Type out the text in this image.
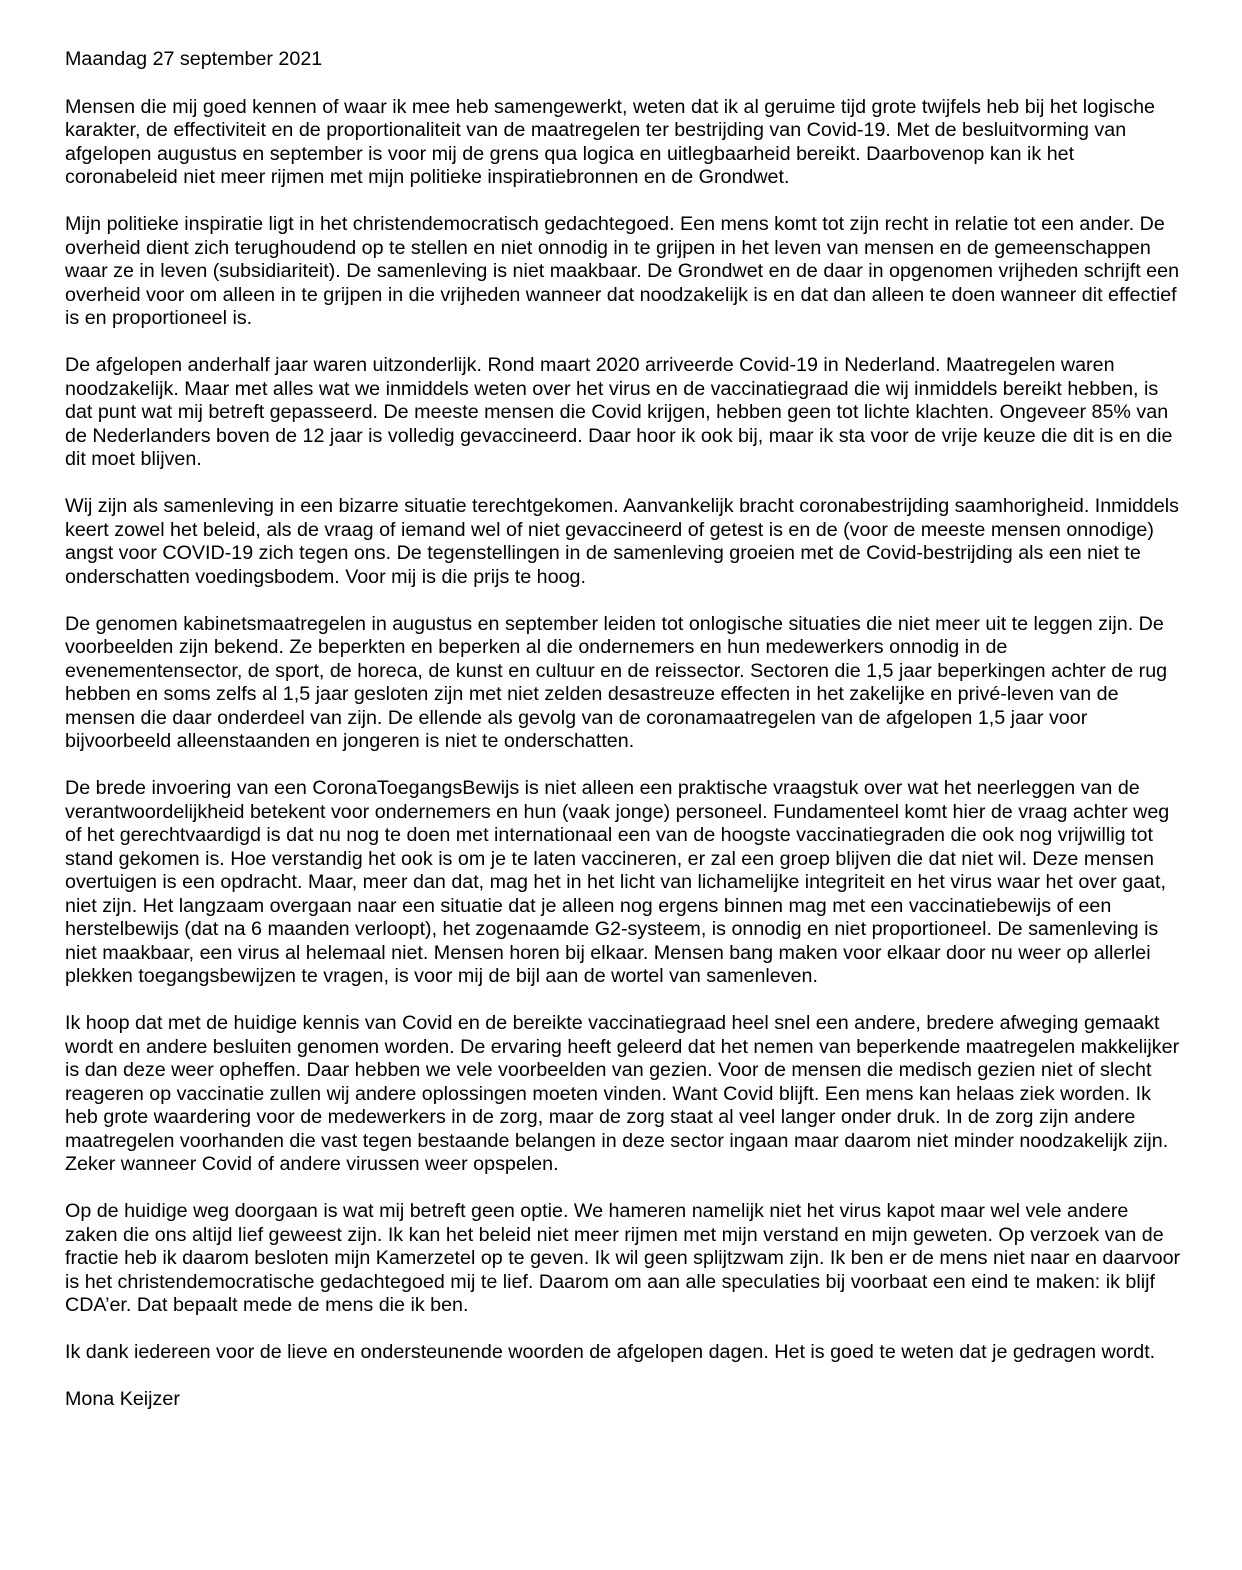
Maandag 27 september 2021

Mensen die mij goed kennen of waar ik mee heb samengewerkt, weten dat ik al geruime tijd grote twijfels heb bij het logische karakter, de effectiviteit en de proportionaliteit van de maatregelen ter bestrijding van Covid-19. Met de besluitvorming van afgelopen augustus en september is voor mij de grens qua logica en uitlegbaarheid bereikt. Daarbovenop kan ik het coronabeleid niet meer rijmen met mijn politieke inspiratiebronnen en de Grondwet.

Mijn politieke inspiratie ligt in het christendemocratisch gedachtegoed. Een mens komt tot zijn recht in relatie tot een ander. De overheid dient zich terughoudend op te stellen en niet onnodig in te grijpen in het leven van mensen en de gemeenschappen waar ze in leven (subsidiariteit). De samenleving is niet maakbaar. De Grondwet en de daar in opgenomen vrijheden schrijft een overheid voor om alleen in te grijpen in die vrijheden wanneer dat noodzakelijk is en dat dan alleen te doen wanneer dit effectief is en proportioneel is.

De afgelopen anderhalf jaar waren uitzonderlijk. Rond maart 2020 arriveerde Covid-19 in Nederland. Maatregelen waren noodzakelijk. Maar met alles wat we inmiddels weten over het virus en de vaccinatiegraad die wij inmiddels bereikt hebben, is dat punt wat mij betreft gepasseerd. De meeste mensen die Covid krijgen, hebben geen tot lichte klachten. Ongeveer 85% van de Nederlanders boven de 12 jaar is volledig gevaccineerd. Daar hoor ik ook bij, maar ik sta voor de vrije keuze die dit is en die dit moet blijven.

Wij zijn als samenleving in een bizarre situatie terechtgekomen. Aanvankelijk bracht coronabestrijding saamhorigheid. Inmiddels keert zowel het beleid, als de vraag of iemand wel of niet gevaccineerd of getest is en de (voor de meeste mensen onnodige) angst voor COVID-19 zich tegen ons. De tegenstellingen in de samenleving groeien met de Covid-bestrijding als een niet te onderschatten voedingsbodem. Voor mij is die prijs te hoog.

De genomen kabinetsmaatregelen in augustus en september leiden tot onlogische situaties die niet meer uit te leggen zijn. De voorbeelden zijn bekend. Ze beperkten en beperken al die ondernemers en hun medewerkers onnodig in de evenementensector, de sport, de horeca, de kunst en cultuur en de reissector. Sectoren die 1,5 jaar beperkingen achter de rug hebben en soms zelfs al 1,5 jaar gesloten zijn met niet zelden desastreuze effecten in het zakelijke en privé-leven van de mensen die daar onderdeel van zijn. De ellende als gevolg van de coronamaatregelen van de afgelopen 1,5 jaar voor bijvoorbeeld alleenstaanden en jongeren is niet te onderschatten.

De brede invoering van een CoronaToegangsBewijs is niet alleen een praktische vraagstuk over wat het neerleggen van de verantwoordelijkheid betekent voor ondernemers en hun (vaak jonge) personeel. Fundamenteel komt hier de vraag achter weg of het gerechtvaardigd is dat nu nog te doen met internationaal een van de hoogste vaccinatiegraden die ook nog vrijwillig tot stand gekomen is. Hoe verstandig het ook is om je te laten vaccineren, er zal een groep blijven die dat niet wil. Deze mensen overtuigen is een opdracht. Maar, meer dan dat, mag het in het licht van lichamelijke integriteit en het virus waar het over gaat, niet zijn. Het langzaam overgaan naar een situatie dat je alleen nog ergens binnen mag met een vaccinatiebewijs of een herstelbewijs (dat na 6 maanden verloopt), het zogenaamde G2-systeem, is onnodig en niet proportioneel. De samenleving is niet maakbaar, een virus al helemaal niet. Mensen horen bij elkaar. Mensen bang maken voor elkaar door nu weer op allerlei plekken toegangsbewijzen te vragen, is voor mij de bijl aan de wortel van samenleven.

Ik hoop dat met de huidige kennis van Covid en de bereikte vaccinatiegraad heel snel een andere, bredere afweging gemaakt wordt en andere besluiten genomen worden. De ervaring heeft geleerd dat het nemen van beperkende maatregelen makkelijker is dan deze weer opheffen. Daar hebben we vele voorbeelden van gezien. Voor de mensen die medisch gezien niet of slecht reageren op vaccinatie zullen wij andere oplossingen moeten vinden. Want Covid blijft. Een mens kan helaas ziek worden. Ik heb grote waardering voor de medewerkers in de zorg, maar de zorg staat al veel langer onder druk. In de zorg zijn andere maatregelen voorhanden die vast tegen bestaande belangen in deze sector ingaan maar daarom niet minder noodzakelijk zijn. Zeker wanneer Covid of andere virussen weer opspelen.

Op de huidige weg doorgaan is wat mij betreft geen optie. We hameren namelijk niet het virus kapot maar wel vele andere zaken die ons altijd lief geweest zijn. Ik kan het beleid niet meer rijmen met mijn verstand en mijn geweten. Op verzoek van de fractie heb ik daarom besloten mijn Kamerzetel op te geven. Ik wil geen splijtzwam zijn. Ik ben er de mens niet naar en daarvoor is het christendemocratische gedachtegoed mij te lief. Daarom om aan alle speculaties bij voorbaat een eind te maken: ik blijf CDA’er. Dat bepaalt mede de mens die ik ben.

Ik dank iedereen voor de lieve en ondersteunende woorden de afgelopen dagen. Het is goed te weten dat je gedragen wordt.

Mona Keijzer
